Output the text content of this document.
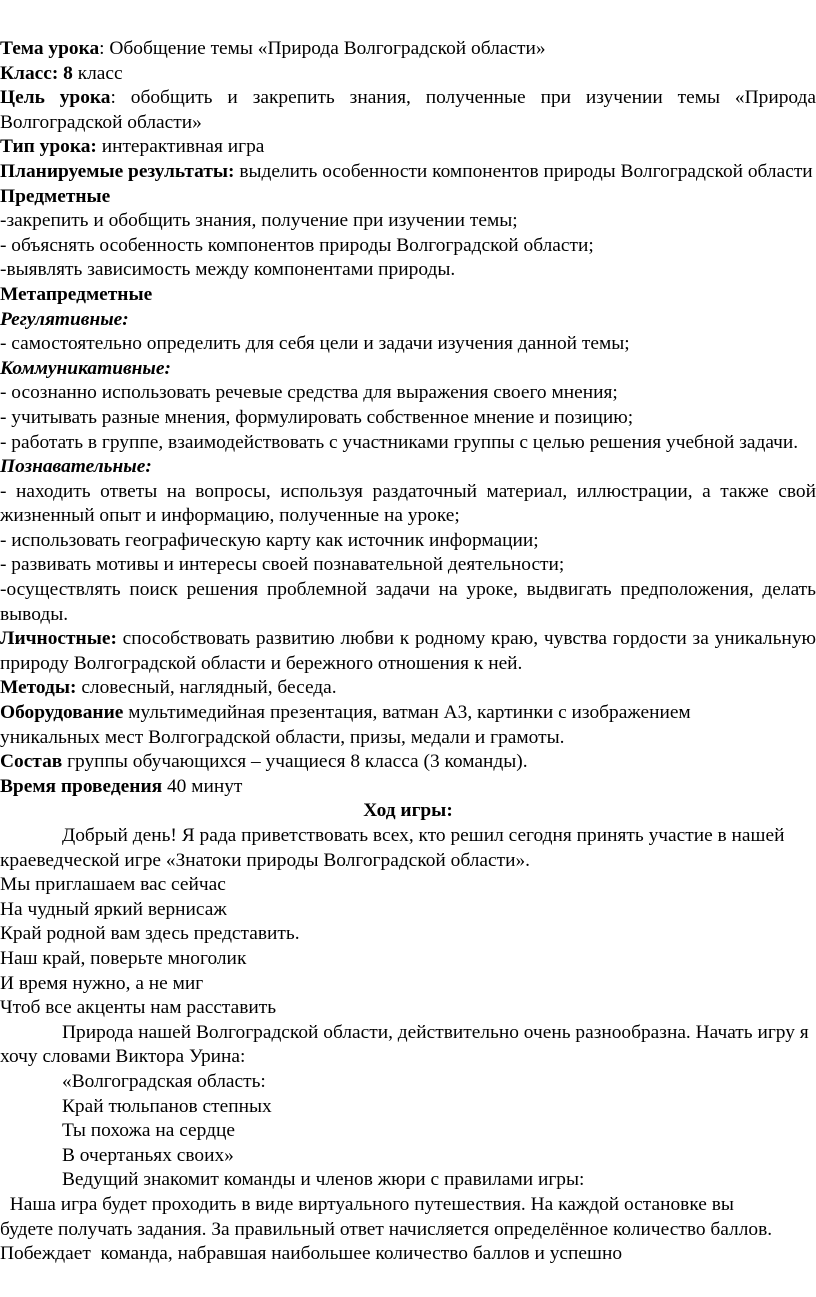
Тема урока: Обобщение темы «Природа Волгоградской области»

Класс: 8 класс

Цель урока: обобщить и закрепить знания, полученные при изучении темы «Природа Волгоградской области»

Тип урока: интерактивная игра

Планируемые результаты: выделить особенности компонентов природы Волгоградской области

Предметные

-закрепить и обобщить знания, получение при изучении темы;

- объяснять особенность компонентов природы Волгоградской области;

-выявлять зависимость между компонентами природы.

Метапредметные

Регулятивные:

- самостоятельно определить для себя цели и задачи изучения данной темы;

Коммуникативные:

- осознанно использовать речевые средства для выражения своего мнения;

- учитывать разные мнения, формулировать собственное мнение и позицию;

- работать в группе, взаимодействовать с участниками группы с целью решения учебной задачи.

Познавательные:

- находить ответы на вопросы, используя раздаточный материал, иллюстрации, а также свой жизненный опыт и информацию, полученные на уроке;

- использовать географическую карту как источник информации;

- развивать мотивы и интересы своей познавательной деятельности;

-осуществлять поиск решения проблемной задачи на уроке, выдвигать предположения, делать выводы.

Личностные: способствовать развитию любви к родному краю, чувства гордости за уникальную природу Волгоградской области и бережного отношения к ней.

Методы: словесный, наглядный, беседа.

Оборудование мультимедийная презентация, ватман А3, картинки с изображением уникальных мест Волгоградской области, призы, медали и грамоты.

Состав группы обучающихся – учащиеся 8 класса (3 команды).

Время проведения 40 минут

Ход игры:

Добрый день! Я рада приветствовать всех, кто решил сегодня принять участие в нашей краеведческой игре «Знатоки природы Волгоградской области».

Мы приглашаем вас сейчас

На чудный яркий вернисаж

Край родной вам здесь представить.

Наш край, поверьте многолик

И время нужно, а не миг

Чтоб все акценты нам расставить

Природа нашей Волгоградской области, действительно очень разнообразна. Начать игру я хочу словами Виктора Урина:

«Волгоградская область:

Край тюльпанов степных

Ты похожа на сердце

В очертаньях своих»

Ведущий знакомит команды и членов жюри с правилами игры:

Наша игра будет проходить в виде виртуального путешествия. На каждой остановке вы будете получать задания. За правильный ответ начисляется определённое количество баллов. Побеждает  команда, набравшая наибольшее количество баллов и успешно
